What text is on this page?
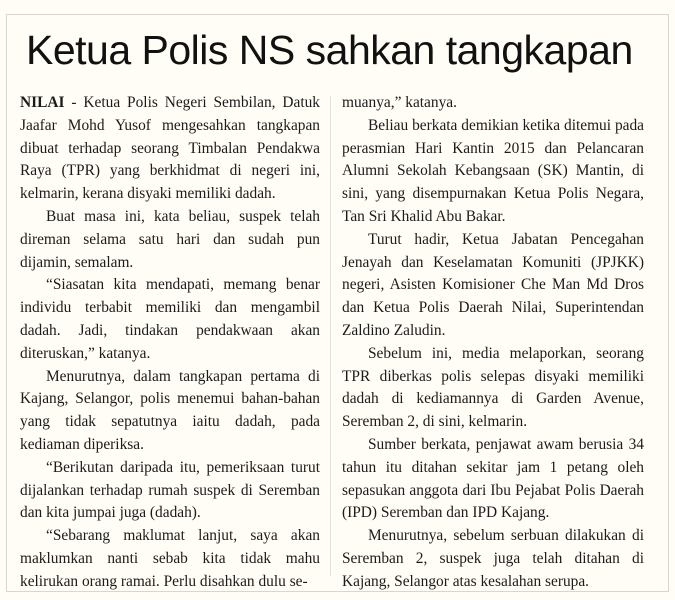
Ketua Polis NS sahkan tangkapan

NILAI - Ketua Polis Negeri Sembilan, Datuk Jaafar Mohd Yusof mengesahkan tangkapan dibuat terhadap seorang Timbalan Pendakwa Raya (TPR) yang berkhidmat di negeri ini, kelmarin, kerana disyaki memiliki dadah.

Buat masa ini, kata beliau, suspek telah direman selama satu hari dan sudah pun dijamin, semalam.

“Siasatan kita mendapati, memang benar individu terbabit memiliki dan mengambil dadah. Jadi, tindakan pendakwaan akan diteruskan,” katanya.

Menurutnya, dalam tangkapan pertama di Kajang, Selangor, polis menemui bahan-bahan yang tidak sepatutnya iaitu dadah, pada kediaman diperiksa.

“Berikutan daripada itu, pemeriksaan turut dijalankan terhadap rumah suspek di Seremban dan kita jumpai juga (dadah).

“Sebarang maklumat lanjut, saya akan maklumkan nanti sebab kita tidak mahu kelirukan orang ramai. Perlu disahkan dulu se-

muanya,” katanya.

Beliau berkata demikian ketika ditemui pada perasmian Hari Kantin 2015 dan Pelancaran Alumni Sekolah Kebangsaan (SK) Mantin, di sini, yang disempurnakan Ketua Polis Negara, Tan Sri Khalid Abu Bakar.

Turut hadir, Ketua Jabatan Pencegahan Jenayah dan Keselamatan Komuniti (JPJKK) negeri, Asisten Komisioner Che Man Md Dros dan Ketua Polis Daerah Nilai, Superintendan Zaldino Zaludin.

Sebelum ini, media melaporkan, seorang TPR diberkas polis selepas disyaki memiliki dadah di kediamannya di Garden Avenue, Seremban 2, di sini, kelmarin.

Sumber berkata, penjawat awam berusia 34 tahun itu ditahan sekitar jam 1 petang oleh sepasukan anggota dari Ibu Pejabat Polis Daerah (IPD) Seremban dan IPD Kajang.

Menurutnya, sebelum serbuan dilakukan di Seremban 2, suspek juga telah ditahan di Kajang, Selangor atas kesalahan serupa.
